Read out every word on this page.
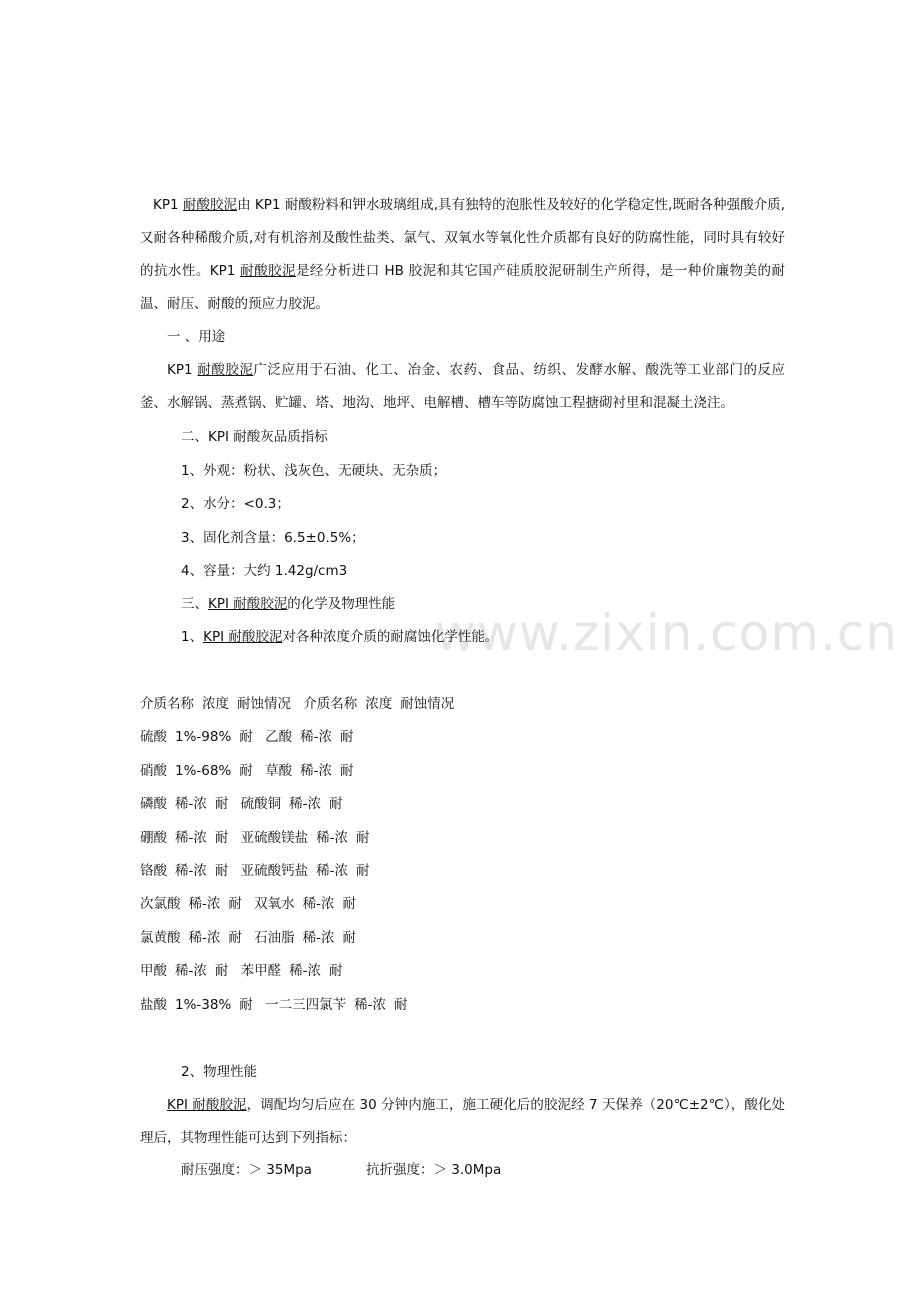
www.zixin.com.cn
KP1 耐酸胶泥由 KP1 耐酸粉料和钾水玻璃组成,具有独特的泡胀性及较好的化学稳定性,既耐各种强酸介质,又耐各种稀酸介质,对有机溶剂及酸性盐类、氯气、双氧水等氧化性介质都有良好的防腐性能，同时具有较好的抗水性。KP1 耐酸胶泥是经分析进口 HB 胶泥和其它国产硅质胶泥研制生产所得，是一种价廉物美的耐温、耐压、耐酸的预应力胶泥。
一 、用途
KP1 耐酸胶泥广泛应用于石油、化工、冶金、农药、食品、纺织、发酵水解、酸洗等工业部门的反应釜、水解锅、蒸煮锅、贮罐、塔、地沟、地坪、电解槽、槽车等防腐蚀工程搪砌衬里和混凝土浇注。
二、KPI 耐酸灰品质指标
1、外观：粉状、浅灰色、无硬块、无杂质；
2、水分：<0.3；
3、固化剂含量：6.5±0.5%；
4、容量：大约 1.42g/cm3
三、KPI 耐酸胶泥的化学及物理性能
1、KPI 耐酸胶泥对各种浓度介质的耐腐蚀化学性能。
介质名称 浓度 耐蚀情况 介质名称 浓度 耐蚀情况
硫酸 1%-98% 耐 乙酸 稀-浓 耐
硝酸 1%-68% 耐 草酸 稀-浓 耐
磷酸 稀-浓 耐 硫酸铜 稀-浓 耐
硼酸 稀-浓 耐 亚硫酸镁盐 稀-浓 耐
铬酸 稀-浓 耐 亚硫酸钙盐 稀-浓 耐
次氯酸 稀-浓 耐 双氧水 稀-浓 耐
氯黄酸 稀-浓 耐 石油脂 稀-浓 耐
甲酸 稀-浓 耐 苯甲醛 稀-浓 耐
盐酸 1%-38% 耐 一二三四氯苄 稀-浓 耐
2、物理性能
KPI 耐酸胶泥，调配均匀后应在 30 分钟内施工，施工硬化后的胶泥经 7 天保养（20℃±2℃），酸化处理后，其物理性能可达到下列指标：
耐压强度：＞ 35Mpa	抗折强度：＞ 3.0Mpa
